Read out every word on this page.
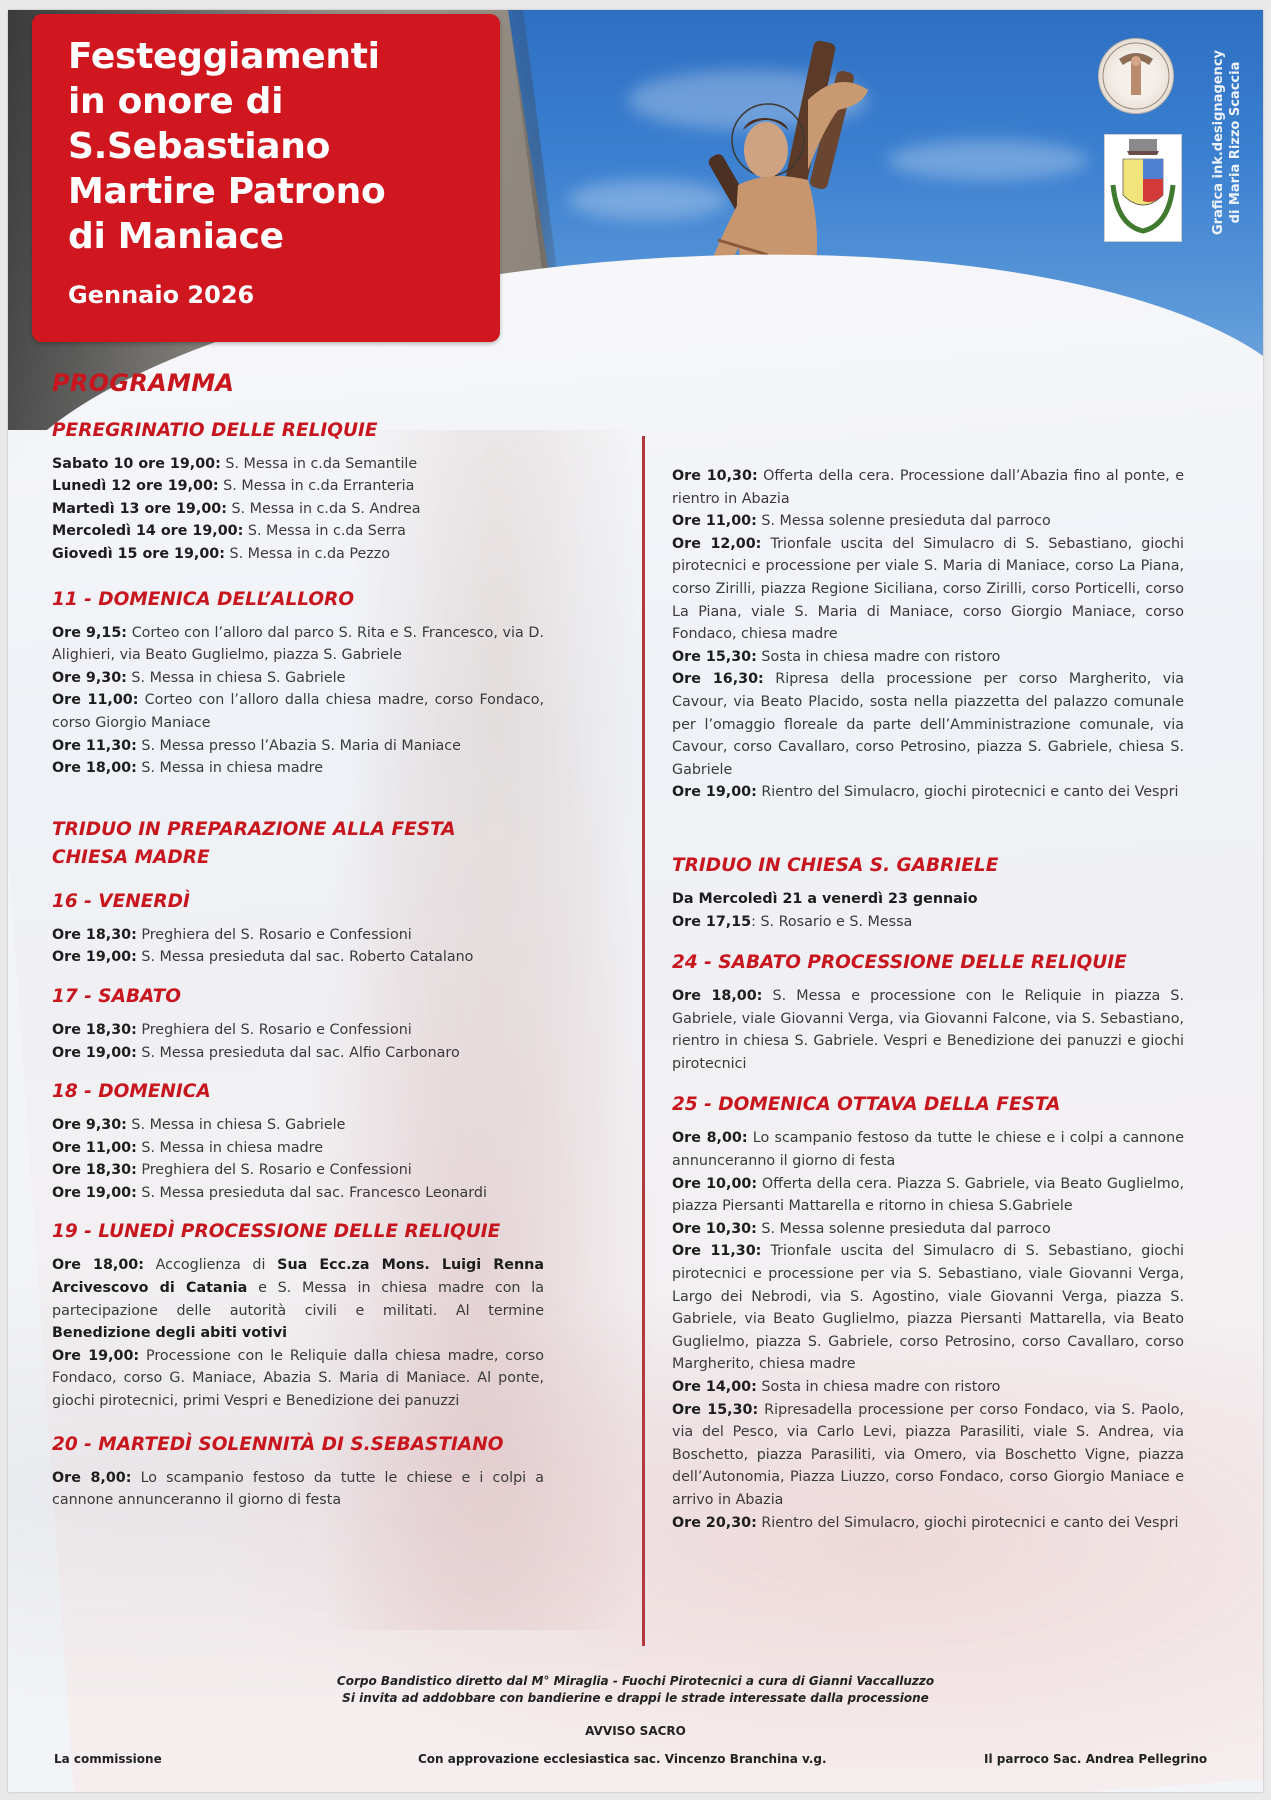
Festeggiamenti
in onore di
S.Sebastiano
Martire Patrono
di Maniace
Gennaio 2026
Grafica ink.designagency di Maria Rizzo Scaccia
PROGRAMMA
PEREGRINATIO DELLE RELIQUIE

Sabato 10 ore 19,00: S. Messa in c.da Semantile

Lunedì 12 ore 19,00: S. Messa in c.da Erranteria

Martedì 13 ore 19,00: S. Messa in c.da S. Andrea

Mercoledì 14 ore 19,00: S. Messa in c.da Serra

Giovedì 15 ore 19,00: S. Messa in c.da Pezzo

11 - DOMENICA DELL’ALLORO

Ore 9,15: Corteo con l’alloro dal parco S. Rita e S. Francesco, via D. Alighieri, via Beato Guglielmo, piazza S. Gabriele

Ore 9,30: S. Messa in chiesa S. Gabriele

Ore 11,00: Corteo con l’alloro dalla chiesa madre, corso Fondaco, corso Giorgio Maniace

Ore 11,30: S. Messa presso l’Abazia S. Maria di Maniace

Ore 18,00: S. Messa in chiesa madre

TRIDUO IN PREPARAZIONE ALLA FESTA
CHIESA MADRE
16 - VENERDÌ

Ore 18,30: Preghiera del S. Rosario e Confessioni

Ore 19,00: S. Messa presieduta dal sac. Roberto Catalano

17 - SABATO

Ore 18,30: Preghiera del S. Rosario e Confessioni

Ore 19,00: S. Messa presieduta dal sac. Alfio Carbonaro

18 - DOMENICA

Ore 9,30: S. Messa in chiesa S. Gabriele

Ore 11,00: S. Messa in chiesa madre

Ore 18,30: Preghiera del S. Rosario e Confessioni

Ore 19,00: S. Messa presieduta dal sac. Francesco Leonardi

19 - LUNEDÌ PROCESSIONE DELLE RELIQUIE

Ore 18,00: Accoglienza di Sua Ecc.za Mons. Luigi Renna Arcivescovo di Catania e S. Messa in chiesa madre con la partecipazione delle autorità civili e militati. Al termine Benedizione degli abiti votivi

Ore 19,00: Processione con le Reliquie dalla chiesa madre, corso Fondaco, corso G. Maniace, Abazia S. Maria di Maniace. Al ponte, giochi pirotecnici, primi Vespri e Benedizione dei panuzzi

20 - MARTEDÌ SOLENNITÀ DI S.SEBASTIANO

Ore 8,00: Lo scampanio festoso da tutte le chiese e i colpi a cannone annunceranno il giorno di festa

Ore 10,30: Offerta della cera. Processione dall’Abazia fino al ponte, e rientro in Abazia

Ore 11,00: S. Messa solenne presieduta dal parroco

Ore 12,00: Trionfale uscita del Simulacro di S. Sebastiano, giochi pirotecnici e processione per viale S. Maria di Maniace, corso La Piana, corso Zirilli, piazza Regione Siciliana, corso Zirilli, corso Porticelli, corso La Piana, viale S. Maria di Maniace, corso Giorgio Maniace, corso Fondaco, chiesa madre

Ore 15,30: Sosta in chiesa madre con ristoro

Ore 16,30: Ripresa della processione per corso Margherito, via Cavour, via Beato Placido, sosta nella piazzetta del palazzo comunale per l’omaggio floreale da parte dell’Amministrazione comunale, via Cavour, corso Cavallaro, corso Petrosino, piazza S. Gabriele, chiesa S. Gabriele

Ore 19,00: Rientro del Simulacro, giochi pirotecnici e canto dei Vespri

TRIDUO IN CHIESA S. GABRIELE

Da Mercoledì 21 a venerdì 23 gennaio

Ore 17,15: S. Rosario e S. Messa

24 - SABATO PROCESSIONE DELLE RELIQUIE

Ore 18,00: S. Messa e processione con le Reliquie in piazza S. Gabriele, viale Giovanni Verga, via Giovanni Falcone, via S. Sebastiano, rientro in chiesa S. Gabriele. Vespri e Benedizione dei panuzzi e giochi pirotecnici

25 - DOMENICA OTTAVA DELLA FESTA

Ore 8,00: Lo scampanio festoso da tutte le chiese e i colpi a cannone annunceranno il giorno di festa

Ore 10,00: Offerta della cera. Piazza S. Gabriele, via Beato Guglielmo, piazza Piersanti Mattarella e ritorno in chiesa S.Gabriele

Ore 10,30: S. Messa solenne presieduta dal parroco

Ore 11,30: Trionfale uscita del Simulacro di S. Sebastiano, giochi pirotecnici e processione per via S. Sebastiano, viale Giovanni Verga, Largo dei Nebrodi, via S. Agostino, viale Giovanni Verga, piazza S. Gabriele, via Beato Guglielmo, piazza Piersanti Mattarella, via Beato Guglielmo, piazza S. Gabriele, corso Petrosino, corso Cavallaro, corso Margherito, chiesa madre

Ore 14,00: Sosta in chiesa madre con ristoro

Ore 15,30: Ripresadella processione per corso Fondaco, via S. Paolo, via del Pesco, via Carlo Levi, piazza Parasiliti, viale S. Andrea, via Boschetto, piazza Parasiliti, via Omero, via Boschetto Vigne, piazza dell’Autonomia, Piazza Liuzzo, corso Fondaco, corso Giorgio Maniace e arrivo in Abazia

Ore 20,30: Rientro del Simulacro, giochi pirotecnici e canto dei Vespri

Corpo Bandistico diretto dal M° Miraglia - Fuochi Pirotecnici a cura di Gianni Vaccalluzzo
Si invita ad addobbare con bandierine e drappi le strade interessate dalla processione
AVVISO SACRO
La commissione	Con approvazione ecclesiastica sac. Vincenzo Branchina v.g.	Il parroco Sac. Andrea Pellegrino
